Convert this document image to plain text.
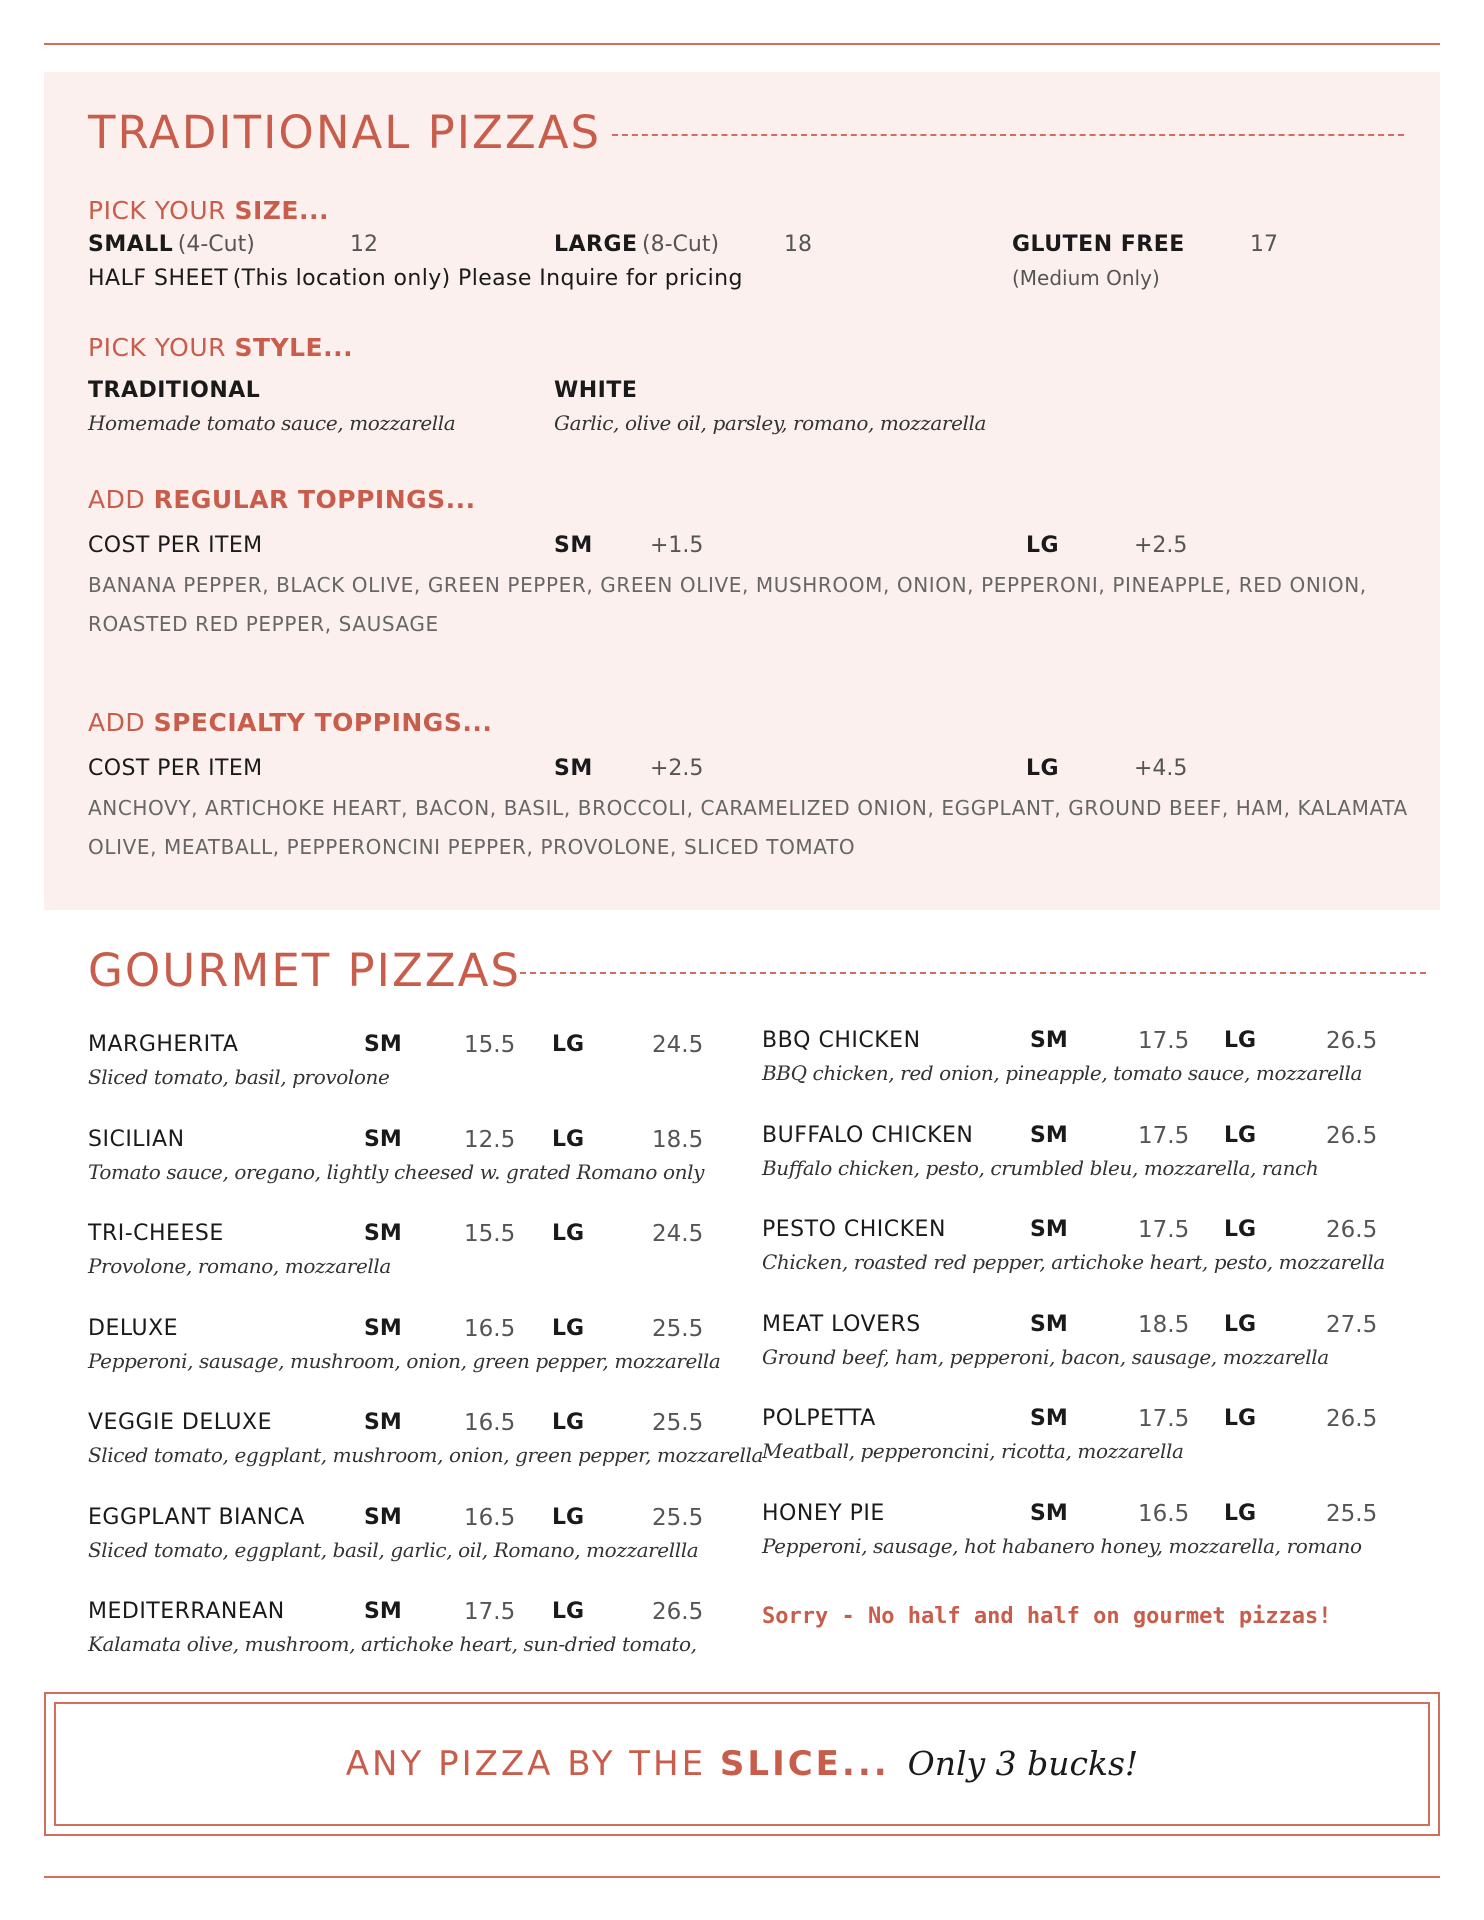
TRADITIONAL PIZZAS
PICK YOUR SIZE...
SMALL (4-Cut)	12	LARGE (8-Cut)	18	GLUTEN FREE	17
HALF SHEET (This location only) Please Inquire for pricing	(Medium Only)
PICK YOUR STYLE...
TRADITIONAL
Homemade tomato sauce, mozzarella
WHITE
Garlic, olive oil, parsley, romano, mozzarella
ADD REGULAR TOPPINGS...
COST PER ITEM	SM	+1.5	LG	+2.5
BANANA PEPPER, BLACK OLIVE, GREEN PEPPER, GREEN OLIVE, MUSHROOM, ONION, PEPPERONI, PINEAPPLE, RED ONION, ROASTED RED PEPPER, SAUSAGE
ADD SPECIALTY TOPPINGS...
COST PER ITEM	SM	+2.5	LG	+4.5
ANCHOVY, ARTICHOKE HEART, BACON, BASIL, BROCCOLI, CARAMELIZED ONION, EGGPLANT, GROUND BEEF, HAM, KALAMATA OLIVE, MEATBALL, PEPPERONCINI PEPPER, PROVOLONE, SLICED TOMATO
GOURMET PIZZAS
MARGHERITA	SM	15.5 LG	24.5
Sliced tomato, basil, provolone
SICILIAN	SM	12.5 LG	18.5
Tomato sauce, oregano, lightly cheesed w. grated Romano only
TRI-CHEESE	SM	15.5 LG	24.5
Provolone, romano, mozzarella
DELUXE	SM	16.5 LG	25.5
Pepperoni, sausage, mushroom, onion, green pepper, mozzarella
VEGGIE DELUXE	SM	16.5 LG	25.5
Sliced tomato, eggplant, mushroom, onion, green pepper, mozzarella
EGGPLANT BIANCA	SM	16.5 LG	25.5
Sliced tomato, eggplant, basil, garlic, oil, Romano, mozzarellla
MEDITERRANEAN	SM	17.5 LG	26.5
Kalamata olive, mushroom, artichoke heart, sun-dried tomato,
BBQ CHICKEN	SM	17.5 LG	26.5
BBQ chicken, red onion, pineapple, tomato sauce, mozzarella
BUFFALO CHICKEN	SM	17.5 LG	26.5
Buffalo chicken, pesto, crumbled bleu, mozzarella, ranch
PESTO CHICKEN	SM	17.5 LG	26.5
Chicken, roasted red pepper, artichoke heart, pesto, mozzarella
MEAT LOVERS	SM	18.5 LG	27.5
Ground beef, ham, pepperoni, bacon, sausage, mozzarella
POLPETTA	SM	17.5 LG	26.5
Meatball, pepperoncini, ricotta, mozzarella
HONEY PIE	SM	16.5 LG	25.5
Pepperoni, sausage, hot habanero honey, mozzarella, romano
Sorry - No half and half on gourmet pizzas!
ANY PIZZA BY THE SLICE... Only 3 bucks!
